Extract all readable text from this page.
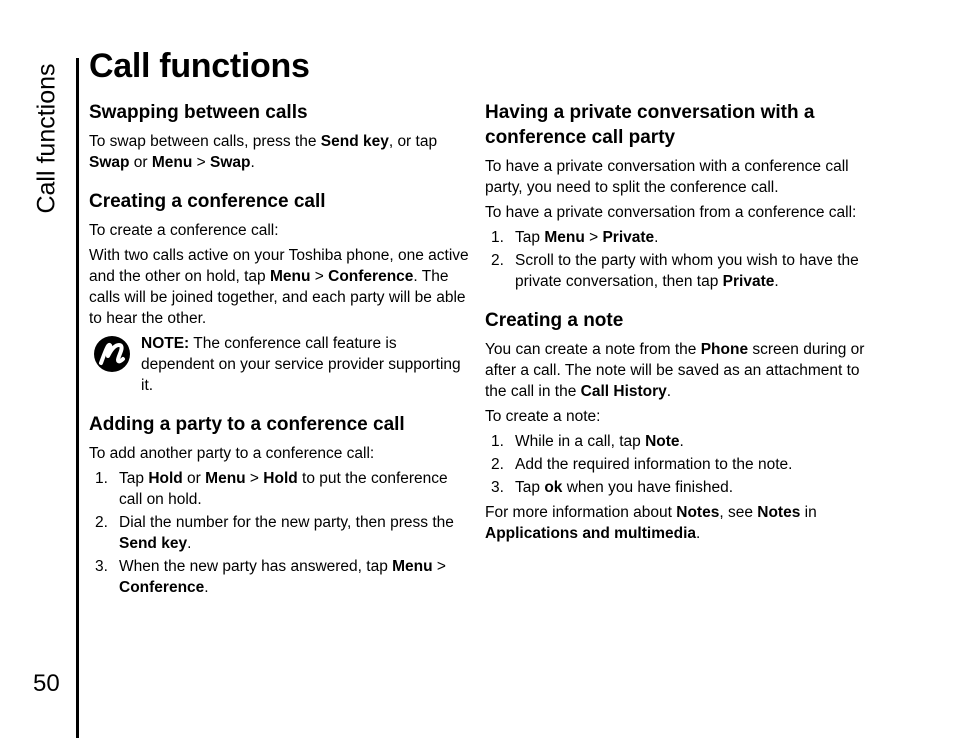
Call functions
50
Call functions
Swapping between calls

To swap between calls, press the Send key, or tap Swap or Menu > Swap.

Creating a conference call

To create a conference call:

With two calls active on your Toshiba phone, one active and the other on hold, tap Menu > Conference. The calls will be joined together, and each party will be able to hear the other.

NOTE: The conference call feature is dependent on your service provider supporting it.
Adding a party to a conference call

To add another party to a conference call:

1. Tap Hold or Menu > Hold to put the conference call on hold.
2. Dial the number for the new party, then press the Send key.
3. When the new party has answered, tap Menu > Conference.
Having a private conversation with a conference call party

To have a private conversation with a conference call party, you need to split the conference call.

To have a private conversation from a conference call:

1. Tap Menu > Private.
2. Scroll to the party with whom you wish to have the private conversation, then tap Private.
Creating a note

You can create a note from the Phone screen during or after a call. The note will be saved as an attachment to the call in the Call History.

To create a note:

1. While in a call, tap Note.
2. Add the required information to the note.
3. Tap ok when you have finished.

For more information about Notes, see Notes in Applications and multimedia.
